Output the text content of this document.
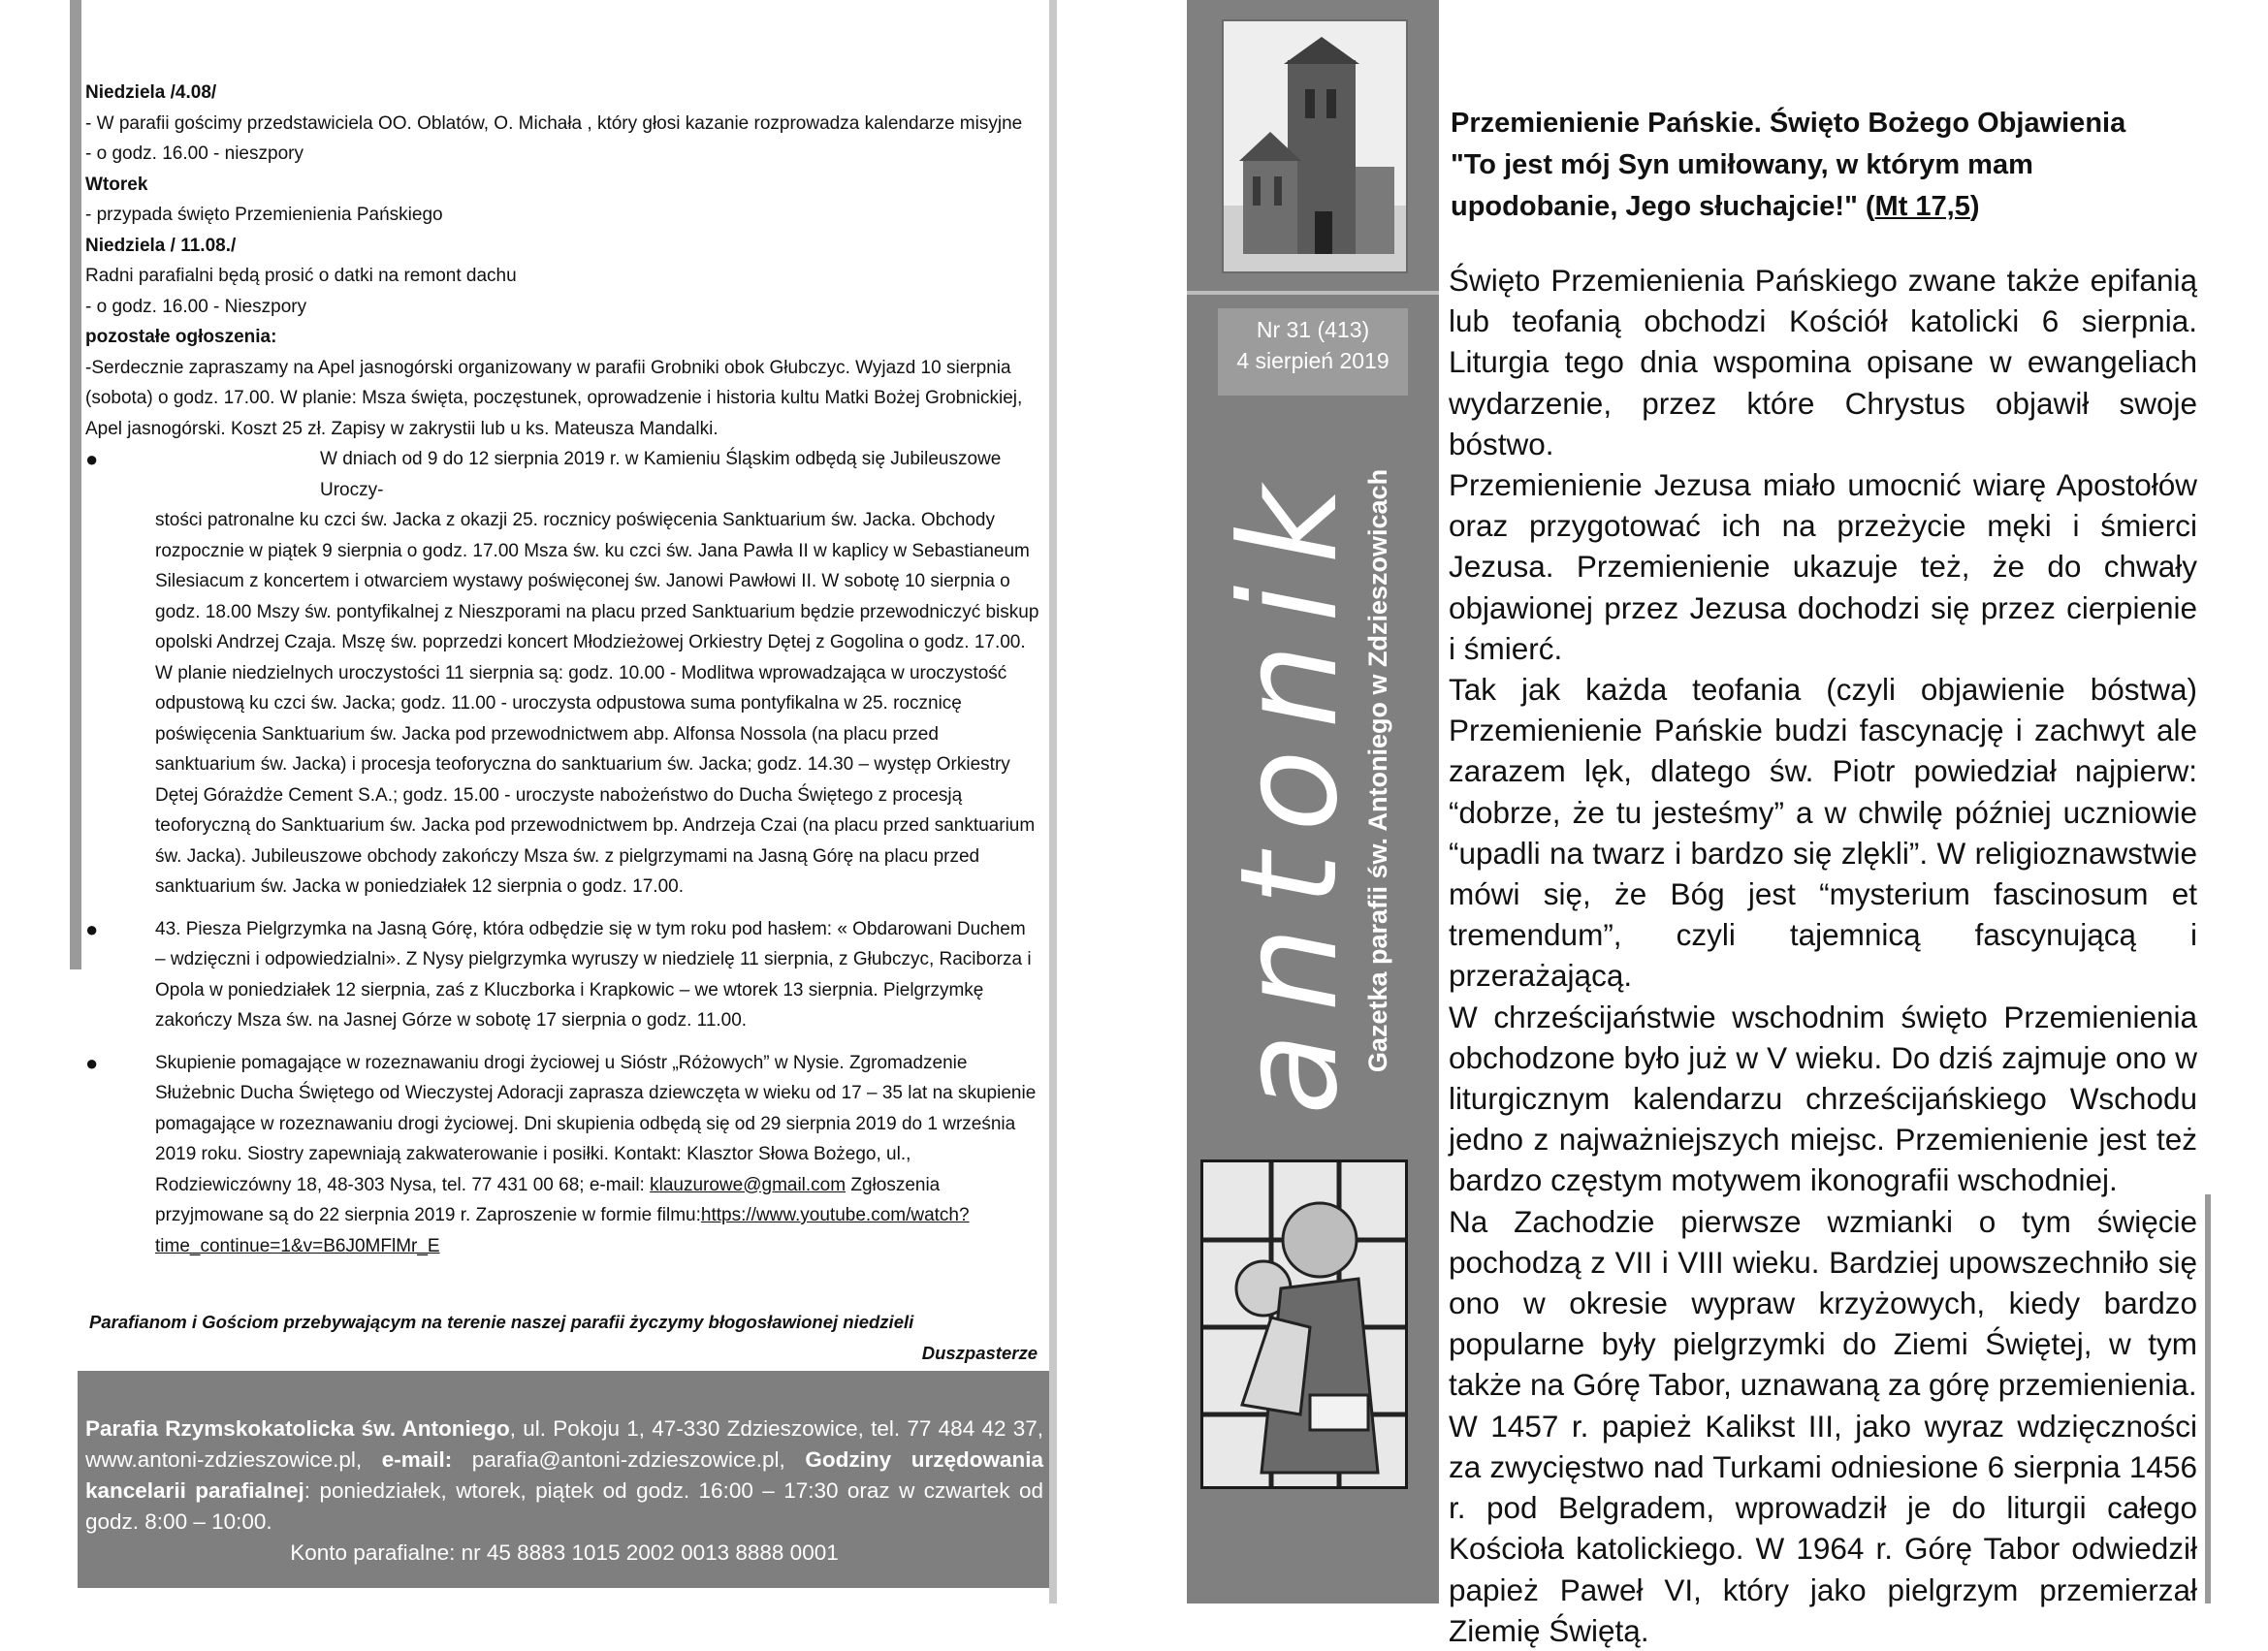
Niedziela /4.08/

- W parafii gościmy przedstawiciela OO. Oblatów, O. Michała , który głosi kazanie rozprowadza kalendarze misyjne

- o godz. 16.00 - nieszpory

Wtorek

- przypada święto Przemienienia Pańskiego

Niedziela / 11.08./

Radni parafialni będą prosić o datki na remont dachu

- o godz. 16.00 - Nieszpory

pozostałe ogłoszenia:

-Serdecznie zapraszamy na Apel jasnogórski organizowany w parafii Grobniki obok Głubczyc. Wyjazd 10 sierpnia (sobota) o godz. 17.00. W planie: Msza święta, poczęstunek, oprowadzenie i historia kultu Matki Bożej Grobnickiej, Apel jasnogórski. Koszt 25 zł. Zapisy w zakrystii lub u ks. Mateusza Mandalki.

●	W dniach od 9 do 12 sierpnia 2019 r. w Kamieniu Śląskim odbędą się Jubileuszowe Uroczy-
stości patronalne ku czci św. Jacka z okazji 25. rocznicy poświęcenia Sanktuarium św. Jacka. Obchody rozpocznie w piątek 9 sierpnia o godz. 17.00 Msza św. ku czci św. Jana Pawła II w kaplicy w Sebastianeum Silesiacum z koncertem i otwarciem wystawy poświęconej św. Janowi Pawłowi II. W sobotę 10 sierpnia o godz. 18.00 Mszy św. pontyfikalnej z Nieszporami na placu przed Sanktuarium będzie przewodniczyć biskup opolski Andrzej Czaja. Mszę św. poprzedzi koncert Młodzieżowej Orkiestry Dętej z Gogolina o godz. 17.00. W planie niedzielnych uroczystości 11 sierpnia są: godz. 10.00 - Modlitwa wprowadzająca w uroczystość odpustową ku czci św. Jacka; godz. 11.00 - uroczysta odpustowa suma pontyfikalna w 25. rocznicę poświęcenia Sanktuarium św. Jacka pod przewodnictwem abp. Alfonsa Nossola (na placu przed sanktuarium św. Jacka) i procesja teoforyczna do sanktuarium św. Jacka; godz. 14.30 – występ Orkiestry Dętej Górażdże Cement S.A.; godz. 15.00 - uroczyste nabożeństwo do Ducha Świętego z procesją teoforyczną do Sanktuarium św. Jacka pod przewodnictwem bp. Andrzeja Czai (na placu przed sanktuarium św. Jacka). Jubileuszowe obchody zakończy Msza św. z pielgrzymami na Jasną Górę na placu przed sanktuarium św. Jacka w poniedziałek 12 sierpnia o godz. 17.00.
●	43. Piesza Pielgrzymka na Jasną Górę, która odbędzie się w tym roku pod hasłem: « Obdarowani Duchem – wdzięczni i odpowiedzialni». Z Nysy pielgrzymka wyruszy w niedzielę 11 sierpnia, z Głubczyc, Raciborza i Opola w poniedziałek 12 sierpnia, zaś z Kluczborka i Krapkowic – we wtorek 13 sierpnia. Pielgrzymkę zakończy Msza św. na Jasnej Górze w sobotę 17 sierpnia o godz. 11.00.
●	Skupienie pomagające w rozeznawaniu drogi życiowej u Sióstr „Różowych” w Nysie. Zgromadzenie Służebnic Ducha Świętego od Wieczystej Adoracji zaprasza dziewczęta w wieku od 17 – 35 lat na skupienie pomagające w rozeznawaniu drogi życiowej. Dni skupienia odbędą się od 29 sierpnia 2019 do 1 września 2019 roku. Siostry zapewniają zakwaterowanie i posiłki. Kontakt: Klasztor Słowa Bożego, ul., Rodziewiczówny 18, 48-303 Nysa, tel. 77 431 00 68; e-mail: klauzurowe@gmail.com Zgłoszenia przyjmowane są do 22 sierpnia 2019 r. Zaproszenie w formie filmu:https://www.youtube.com/watch?time_continue=1&v=B6J0MFlMr_E
Parafianom i Gościom przebywającym na terenie naszej parafii życzymy błogosławionej niedzieli
Duszpasterze
Parafia Rzymskokatolicka św. Antoniego, ul. Pokoju 1, 47-330 Zdzieszowice, tel. 77 484 42 37, www.antoni-zdzieszowice.pl, e-mail: parafia@antoni-zdzieszowice.pl, Godziny urzędowania kancelarii parafialnej: poniedziałek, wtorek, piątek od godz. 16:00 – 17:30 oraz w czwartek od godz. 8:00 – 10:00.
Konto parafialne: nr 45 8883 1015 2002 0013 8888 0001
Nr 31 (413)
4 sierpień 2019
antonik
Gazetka parafii św. Antoniego w Zdzieszowicach
Przemienienie Pańskie. Święto Bożego Objawienia
"To jest mój Syn umiłowany, w którym mam upodobanie, Jego słuchajcie!" (Mt 17,5)

Święto Przemienienia Pańskiego zwane także epifanią lub teofanią obchodzi Kościół katolicki 6 sierpnia. Liturgia tego dnia wspomina opisane w ewangeliach wydarzenie, przez które Chrystus objawił swoje bóstwo.

Przemienienie Jezusa miało umocnić wiarę Apostołów oraz przygotować ich na przeżycie męki i śmierci Jezusa. Przemienienie ukazuje też, że do chwały objawionej przez Jezusa dochodzi się przez cierpienie i śmierć.

Tak jak każda teofania (czyli objawienie bóstwa) Przemienienie Pańskie budzi fascynację i zachwyt ale zarazem lęk, dlatego św. Piotr powiedział najpierw: “dobrze, że tu jesteśmy” a w chwilę później uczniowie “upadli na twarz i bardzo się zlękli”. W religioznawstwie mówi się, że Bóg jest “mysterium fascinosum et tremendum”, czyli tajemnicą fascynującą i przerażającą.

W chrześcijaństwie wschodnim święto Przemienienia obchodzone było już w V wieku. Do dziś zajmuje ono w liturgicznym kalendarzu chrześcijańskiego Wschodu jedno z najważniejszych miejsc. Przemienienie jest też bardzo częstym motywem ikonografii wschodniej.

Na Zachodzie pierwsze wzmianki o tym święcie pochodzą z VII i VIII wieku. Bardziej upowszechniło się ono w okresie wypraw krzyżowych, kiedy bardzo popularne były pielgrzymki do Ziemi Świętej, w tym także na Górę Tabor, uznawaną za górę przemienienia.

W 1457 r. papież Kalikst III, jako wyraz wdzięczności za zwycięstwo nad Turkami odniesione 6 sierpnia 1456 r. pod Belgradem, wprowadził je do liturgii całego Kościoła katolickiego. W 1964 r. Górę Tabor odwiedził papież Paweł VI, który jako pielgrzym przemierzał Ziemię Świętą.
